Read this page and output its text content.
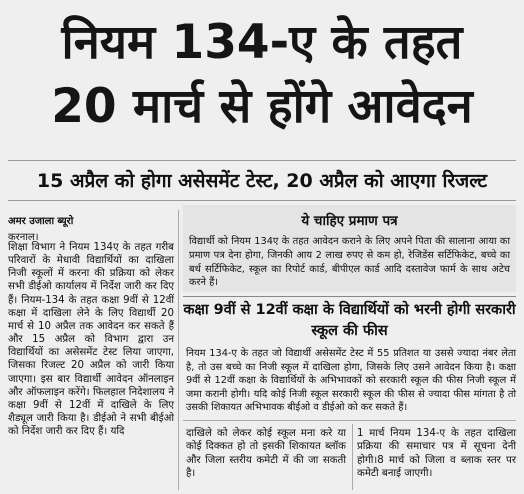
नियम 134-ए के तहत
20 मार्च से होंगे आवेदन
15 अप्रैल को होगा असेसमेंट टेस्ट, 20 अप्रैल को आएगा रिजल्ट
अमर उजाला ब्यूरो
करनाल।

शिक्षा विभाग ने नियम 134ए के तहत गरीब परिवारों के मेधावी विद्यार्थियों का दाखिला निजी स्कूलों में करना की प्रक्रिया को लेकर सभी डीईओ कार्यालय में निर्देश जारी कर दिए हैं। नियम-134 के तहत कक्षा 9वीं से 12वीं कक्षा में दाखिला लेने के लिए विद्यार्थी 20 मार्च से 10 अप्रैल तक आवेदन कर सकते हैं और 15 अप्रैल को विभाग द्वारा उन विद्यार्थियों का असेसमेंट टेस्ट लिया जाएगा, जिसका रिजल्ट 20 अप्रैल को जारी किया जाएगा। इस बार विद्यार्थी आवेदन ऑनलाइन और ऑफलाइन करेंगे। फिलहाल निदेशालय ने कक्षा 9वीं से 12वीं में दाखिले के लिए शैड्यूल जारी किया है। डीईओ ने सभी बीईओ को निर्देश जारी कर दिए हैं। यदि

ये चाहिए प्रमाण पत्र

विद्यार्थी को नियम 134ए के तहत आवेदन कराने के लिए अपने पिता की सालाना आया का प्रमाण पत्र देना होगा, जिनकी आय 2 लाख रुपए से कम हो, रेजिडेंस सर्टिफिकेट, बच्चे का बर्थ सर्टिफिकेट, स्कूल का रिपोर्ट कार्ड, बीपीएल कार्ड आदि दस्तावेज फार्म के साथ अटेच करने हैं।

कक्षा 9वीं से 12वीं कक्षा के विद्यार्थियों को भरनी होगी सरकारी स्कूल की फीस

नियम 134-ए के तहत जो विद्यार्थी असेसमेंट टेस्ट में 55 प्रतिशत या उससे ज्यादा नंबर लेता है, तो उस बच्चे का निजी स्कूल में दाखिला होगा, जिसके लिए उसने आवेदन किया है। कक्षा 9वीं से 12वीं कक्षा के विद्यार्थियों के अभिभावकों को सरकारी स्कूल की फीस निजी स्कूल में जमा करानी होगी। यदि कोई निजी स्कूल सरकारी स्कूल की फीस से ज्यादा फीस मांगता है तो उसकी शिकायत अभिभावक बीईओ व डीईओ को कर सकते हैं।

दाखिले को लेकर कोई स्कूल मना करे या कोई दिक्कत हो तो इसकी शिकायत ब्लॉक और जिला स्तरीय कमेटी में की जा सकती है।

1 मार्च नियम 134-ए के तहत दाखिला प्रक्रिया की समाचार पत्र में सूचना देनी होगी।8 मार्च को जिला व ब्लाक स्तर पर कमेटी बनाई जाएगी।
